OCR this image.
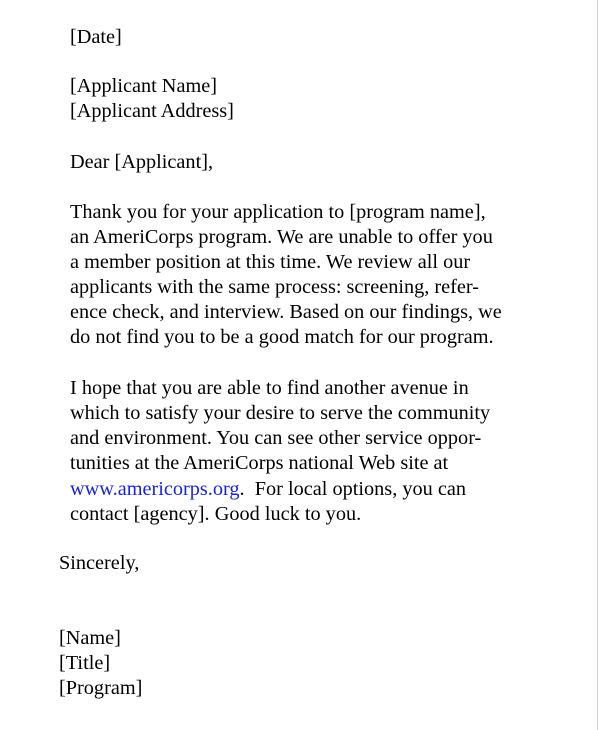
[Date]

[Applicant Name]

[Applicant Address]

Dear [Applicant],

Thank you for your application to [program name],

an AmeriCorps program. We are unable to offer you

a member position at this time. We review all our

applicants with the same process: screening, refer-

ence check, and interview. Based on our findings, we

do not find you to be a good match for our program.

I hope that you are able to find another avenue in

which to satisfy your desire to serve the community

and environment. You can see other service oppor-

tunities at the AmeriCorps national Web site at

www.americorps.org.  For local options, you can

contact [agency]. Good luck to you.

Sincerely,

[Name]

[Title]

[Program]
